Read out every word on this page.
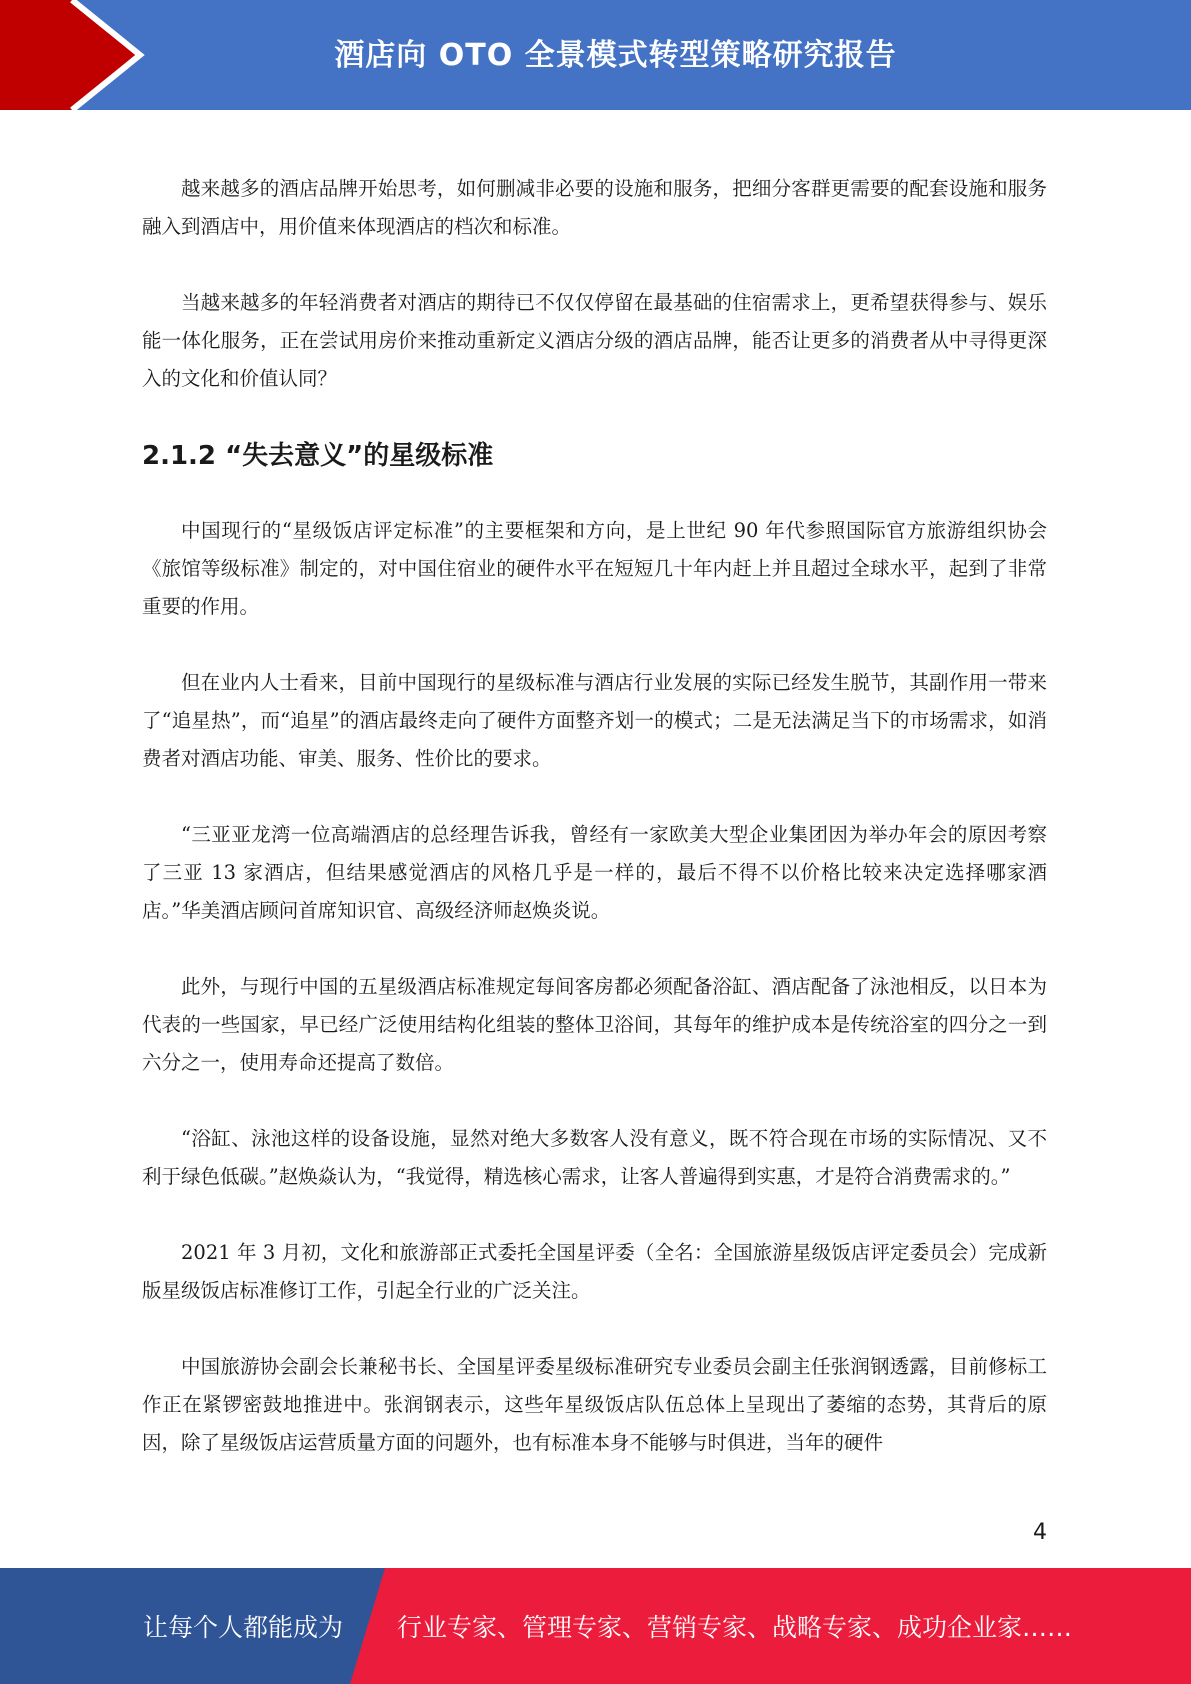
酒店向 OTO 全景模式转型策略研究报告

越来越多的酒店品牌开始思考，如何删减非必要的设施和服务，把细分客群更需要的配套设施和服务融入到酒店中，用价值来体现酒店的档次和标准。

当越来越多的年轻消费者对酒店的期待已不仅仅停留在最基础的住宿需求上，更希望获得参与、娱乐能一体化服务，正在尝试用房价来推动重新定义酒店分级的酒店品牌，能否让更多的消费者从中寻得更深入的文化和价值认同？

2.1.2 “失去意义”的星级标准

中国现行的“星级饭店评定标准”的主要框架和方向，是上世纪 90 年代参照国际官方旅游组织协会《旅馆等级标准》制定的，对中国住宿业的硬件水平在短短几十年内赶上并且超过全球水平，起到了非常重要的作用。

但在业内人士看来，目前中国现行的星级标准与酒店行业发展的实际已经发生脱节，其副作用一带来了“追星热”，而“追星”的酒店最终走向了硬件方面整齐划一的模式；二是无法满足当下的市场需求，如消费者对酒店功能、审美、服务、性价比的要求。

“三亚亚龙湾一位高端酒店的总经理告诉我，曾经有一家欧美大型企业集团因为举办年会的原因考察了三亚 13 家酒店，但结果感觉酒店的风格几乎是一样的，最后不得不以价格比较来决定选择哪家酒店。”华美酒店顾问首席知识官、高级经济师赵焕炎说。

此外，与现行中国的五星级酒店标准规定每间客房都必须配备浴缸、酒店配备了泳池相反，以日本为代表的一些国家，早已经广泛使用结构化组装的整体卫浴间，其每年的维护成本是传统浴室的四分之一到六分之一，使用寿命还提高了数倍。

“浴缸、泳池这样的设备设施，显然对绝大多数客人没有意义，既不符合现在市场的实际情况、又不利于绿色低碳。”赵焕焱认为，“我觉得，精选核心需求，让客人普遍得到实惠，才是符合消费需求的。”

2021 年 3 月初，文化和旅游部正式委托全国星评委（全名：全国旅游星级饭店评定委员会）完成新版星级饭店标准修订工作，引起全行业的广泛关注。

中国旅游协会副会长兼秘书长、全国星评委星级标准研究专业委员会副主任张润钢透露，目前修标工作正在紧锣密鼓地推进中。张润钢表示，这些年星级饭店队伍总体上呈现出了萎缩的态势，其背后的原因，除了星级饭店运营质量方面的问题外，也有标准本身不能够与时俱进，当年的硬件

4
让每个人都能成为 行业专家、管理专家、营销专家、战略专家、成功企业家……
